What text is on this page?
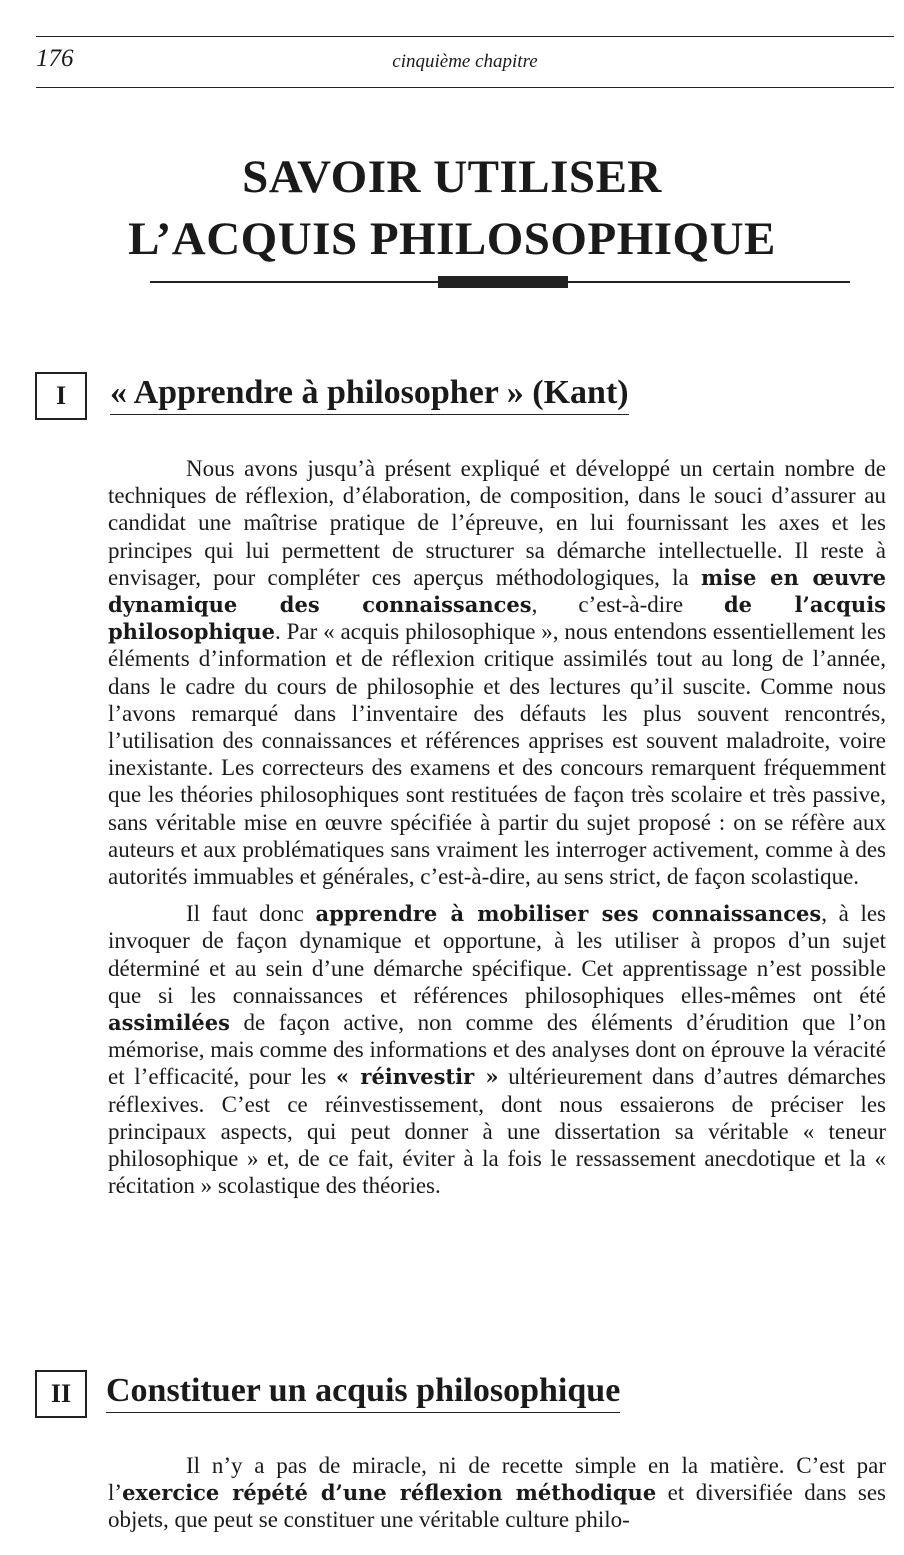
176	cinquième chapitre
SAVOIR UTILISER
L’ACQUIS PHILOSOPHIQUE
I	« Apprendre à philosopher » (Kant)

Nous avons jusqu’à présent expliqué et développé un certain nombre de techniques de réflexion, d’élaboration, de composition, dans le souci d’assurer au candidat une maîtrise pratique de l’épreuve, en lui fournissant les axes et les principes qui lui permettent de structurer sa démarche intellectuelle. Il reste à envisager, pour compléter ces aperçus méthodologiques, la mise en œuvre dynamique des connaissances, c’est-à-dire de l’acquis philosophique. Par « acquis philosophique », nous entendons essentiellement les éléments d’information et de réflexion critique assimilés tout au long de l’année, dans le cadre du cours de philosophie et des lectures qu’il suscite. Comme nous l’avons remarqué dans l’inventaire des défauts les plus souvent rencontrés, l’utilisation des connaissances et références apprises est souvent maladroite, voire inexistante. Les correcteurs des examens et des concours remarquent fréquemment que les théories philosophiques sont restituées de façon très scolaire et très passive, sans véritable mise en œuvre spécifiée à partir du sujet proposé : on se réfère aux auteurs et aux problématiques sans vraiment les interroger activement, comme à des autorités immuables et générales, c’est-à-dire, au sens strict, de façon scolastique.

Il faut donc apprendre à mobiliser ses connaissances, à les invoquer de façon dynamique et opportune, à les utiliser à propos d’un sujet déterminé et au sein d’une démarche spécifique. Cet apprentissage n’est possible que si les connaissances et références philosophiques elles-mêmes ont été assimilées de façon active, non comme des éléments d’érudition que l’on mémorise, mais comme des informations et des analyses dont on éprouve la véracité et l’efficacité, pour les « réinvestir » ultérieurement dans d’autres démarches réflexives. C’est ce réinvestissement, dont nous essaierons de préciser les principaux aspects, qui peut donner à une dissertation sa véritable « teneur philosophique » et, de ce fait, éviter à la fois le ressassement anecdotique et la « récitation » scolastique des théories.

II	Constituer un acquis philosophique

Il n’y a pas de miracle, ni de recette simple en la matière. C’est par l’exercice répété d’une réflexion méthodique et diversifiée dans ses objets, que peut se constituer une véritable culture philo-
